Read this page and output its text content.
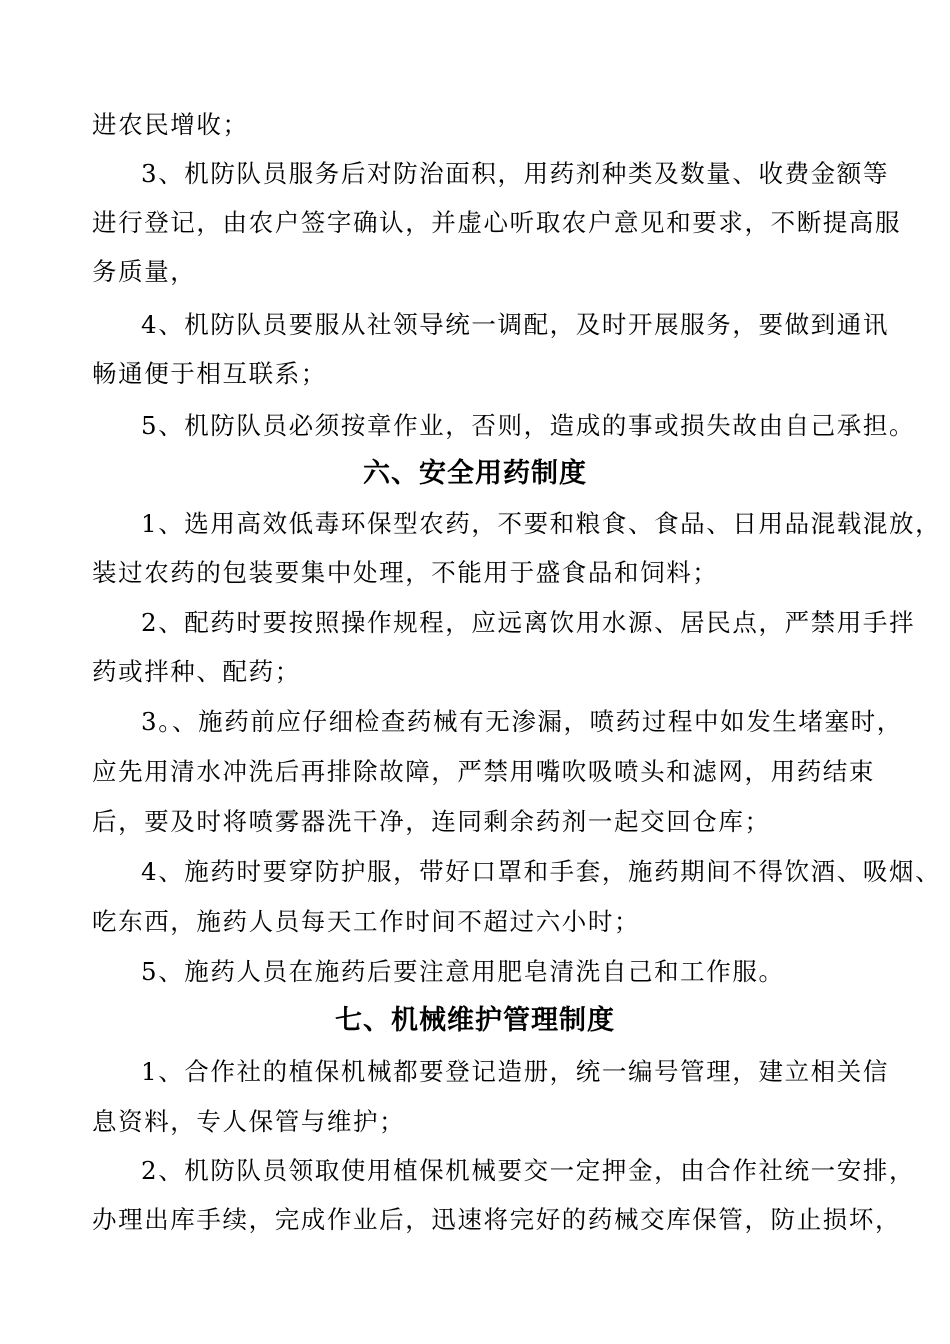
进农民增收；
3、机防队员服务后对防治面积，用药剂种类及数量、收费金额等
进行登记，由农户签字确认，并虚心听取农户意见和要求，不断提高服
务质量，
4、机防队员要服从社领导统一调配，及时开展服务，要做到通讯
畅通便于相互联系；
5、机防队员必须按章作业，否则，造成的事或损失故由自己承担。
六、安全用药制度
1、选用高效低毒环保型农药，不要和粮食、食品、日用品混载混放，
装过农药的包装要集中处理，不能用于盛食品和饲料；
2、配药时要按照操作规程，应远离饮用水源、居民点，严禁用手拌
药或拌种、配药；
3。、施药前应仔细检查药械有无渗漏，喷药过程中如发生堵塞时，
应先用清水冲洗后再排除故障，严禁用嘴吹吸喷头和滤网，用药结束
后，要及时将喷雾器洗干净，连同剩余药剂一起交回仓库；
4、施药时要穿防护服，带好口罩和手套，施药期间不得饮酒、吸烟、
吃东西，施药人员每天工作时间不超过六小时；
5、施药人员在施药后要注意用肥皂清洗自己和工作服。
七、机械维护管理制度
1、合作社的植保机械都要登记造册，统一编号管理，建立相关信
息资料，专人保管与维护；
2、机防队员领取使用植保机械要交一定押金，由合作社统一安排，
办理出库手续，完成作业后，迅速将完好的药械交库保管，防止损坏，
